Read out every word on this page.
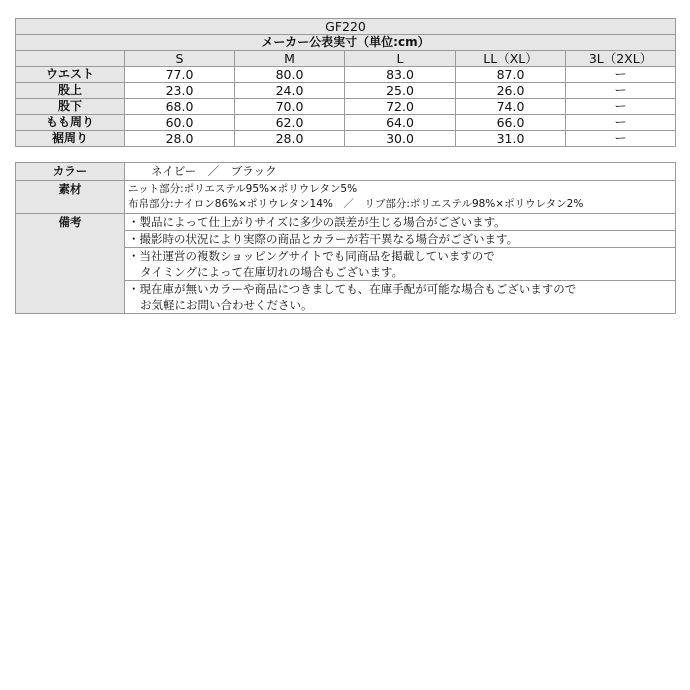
GF220					
メーカー公表実寸（単位:cm）					
	S	M	L	LL（XL）	3L（2XL）
ウエスト	77.0	80.0	83.0	87.0	ー
股上	23.0	24.0	25.0	26.0	ー
股下	68.0	70.0	72.0	74.0	ー
もも周り	60.0	62.0	64.0	66.0	ー
裾周り	28.0	28.0	30.0	31.0	ー
カラー	ネイビー　／　ブラック
素材	ニット部分:ポリエステル95%×ポリウレタン5%
布帛部分:ナイロン86%×ポリウレタン14%　／　リブ部分:ポリエステル98%×ポリウレタン2%

備考	・製品によって仕上がりサイズに多少の誤差が生じる場合がございます。

	・撮影時の状況により実際の商品とカラーが若干異なる場合がございます。

	・当社運営の複数ショッピングサイトでも同商品を掲載していますので
タイミングによって在庫切れの場合もございます。

	・現在庫が無いカラーや商品につきましても、在庫手配が可能な場合もございますので
お気軽にお問い合わせください。
